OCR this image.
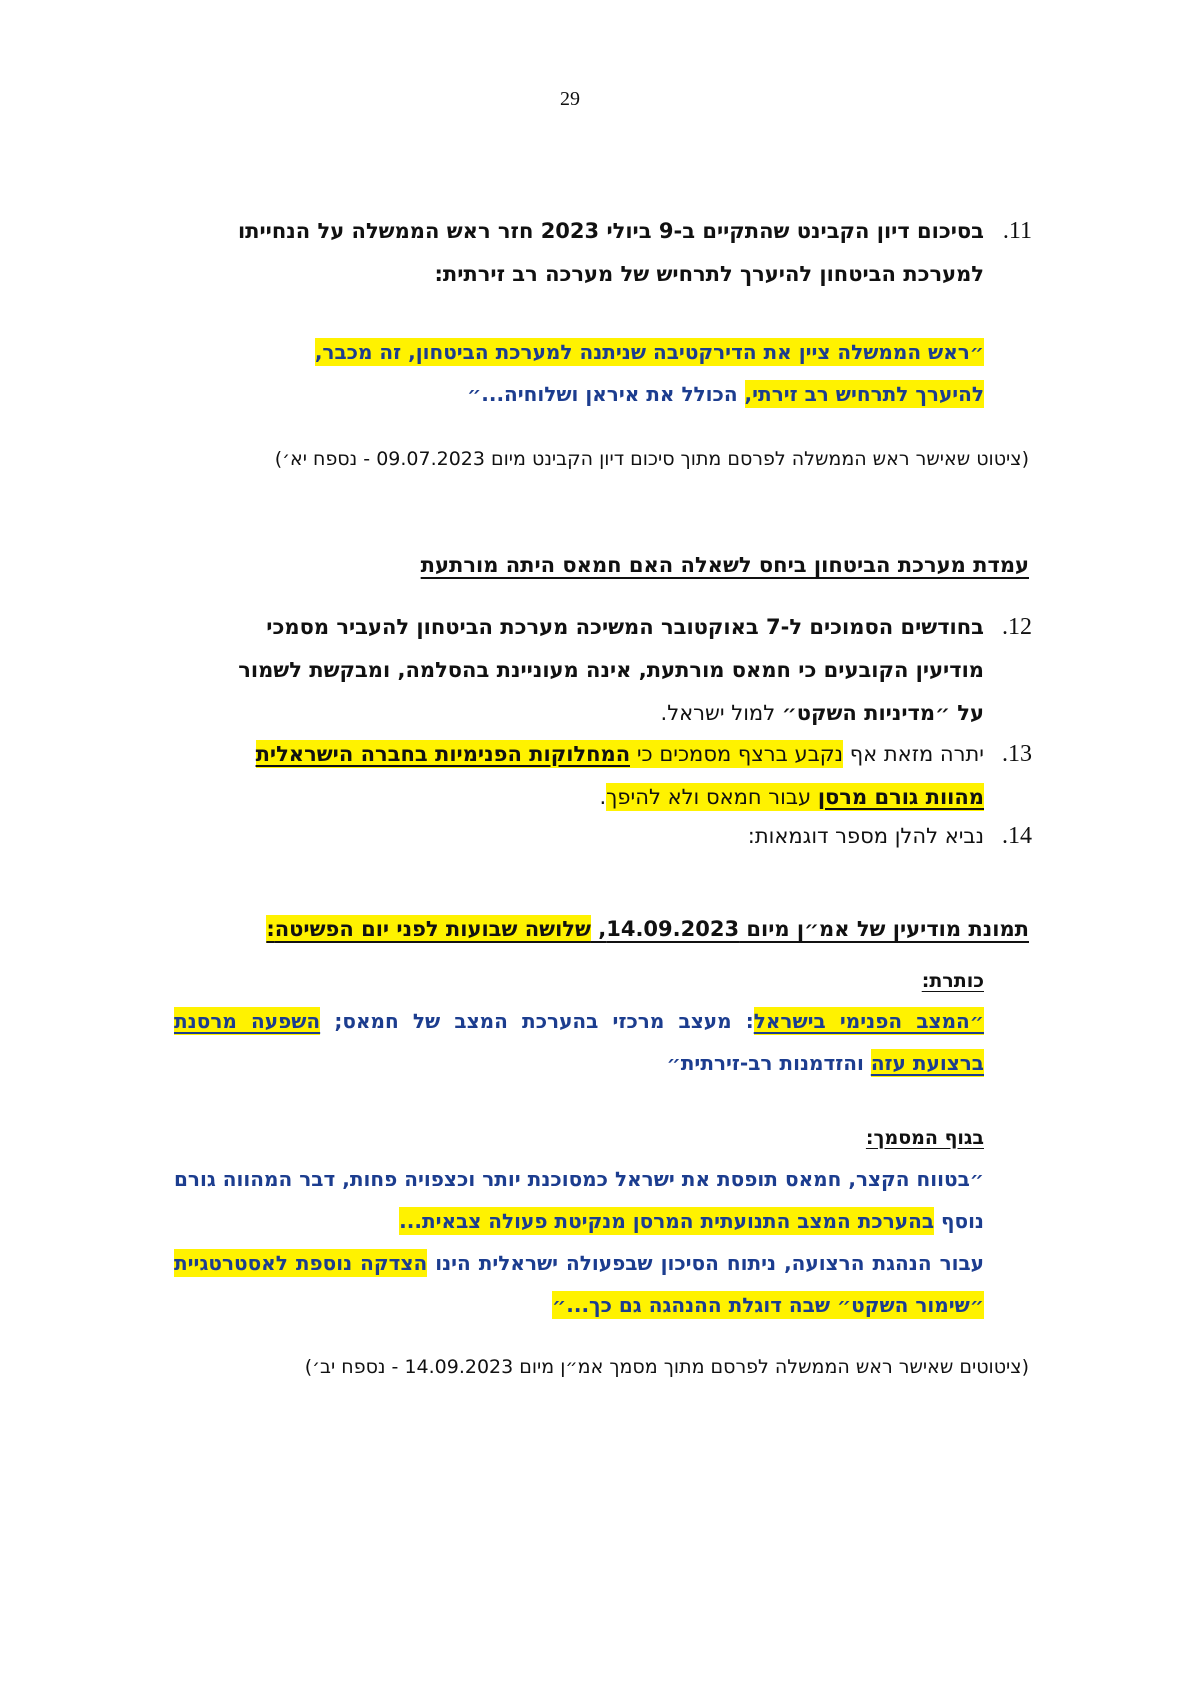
29
11.
בסיכום דיון הקבינט שהתקיים ב-9 ביולי 2023 חזר ראש הממשלה על הנחייתו למערכת הביטחון להיערך לתרחיש של מערכה רב זירתית:
״ראש הממשלה ציין את הדירקטיבה שניתנה למערכת הביטחון, זה מכבר,
להיערך לתרחיש רב זירתי, הכולל את איראן ושלוחיה...״
(ציטוט שאישר ראש הממשלה לפרסם מתוך סיכום דיון הקבינט מיום 09.07.2023 - נספח יא׳)
עמדת מערכת הביטחון ביחס לשאלה האם חמאס היתה מורתעת
12.
בחודשים הסמוכים ל-7 באוקטובר המשיכה מערכת הביטחון להעביר מסמכי מודיעין הקובעים כי חמאס מורתעת, אינה מעוניינת בהסלמה, ומבקשת לשמור על ״מדיניות השקט״ למול ישראל.
13.
יתרה מזאת אף נקבע ברצף מסמכים כי המחלוקות הפנימיות בחברה הישראלית מהוות גורם מרסן עבור חמאס ולא להיפך.
14.
נביא להלן מספר דוגמאות:
תמונת מודיעין של אמ״ן מיום 14.09.2023, שלושה שבועות לפני יום הפשיטה:
כותרת:
״המצב הפנימי בישראל: מעצב מרכזי בהערכת המצב של חמאס; השפעה מרסנת ברצועת עזה והזדמנות רב-זירתית״
בגוף המסמך:
״בטווח הקצר, חמאס תופסת את ישראל כמסוכנת יותר וכצפויה פחות, דבר המהווה גורם נוסף בהערכת המצב התנועתית המרסן מנקיטת פעולה צבאית...
עבור הנהגת הרצועה, ניתוח הסיכון שבפעולה ישראלית הינו הצדקה נוספת לאסטרטגיית ״שימור השקט״ שבה דוגלת ההנהגה גם כך...״
(ציטוטים שאישר ראש הממשלה לפרסם מתוך מסמך אמ״ן מיום 14.09.2023 - נספח יב׳)
